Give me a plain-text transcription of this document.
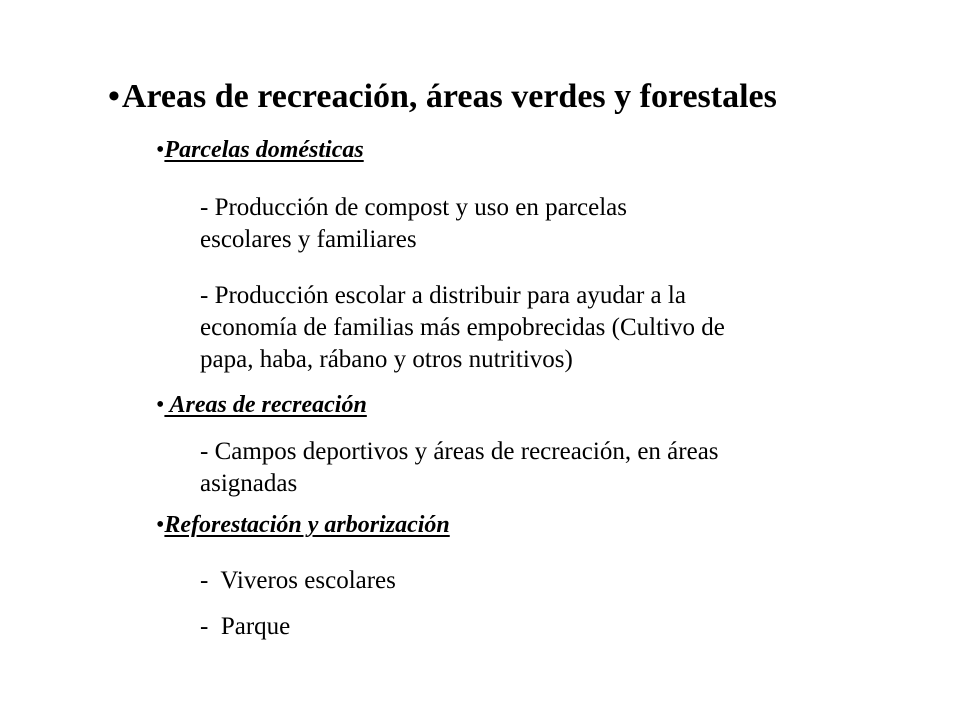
•Areas de recreación, áreas verdes y forestales
•Parcelas domésticas

- Producción de compost y uso en parcelas
escolares y familiares

- Producción escolar a distribuir para ayudar a la
economía de familias más empobrecidas (Cultivo de
papa, haba, rábano y otros nutritivos)

• Areas de recreación

- Campos deportivos y áreas de recreación, en áreas
asignadas

•Reforestación y arborización

-  Viveros escolares

-  Parque
